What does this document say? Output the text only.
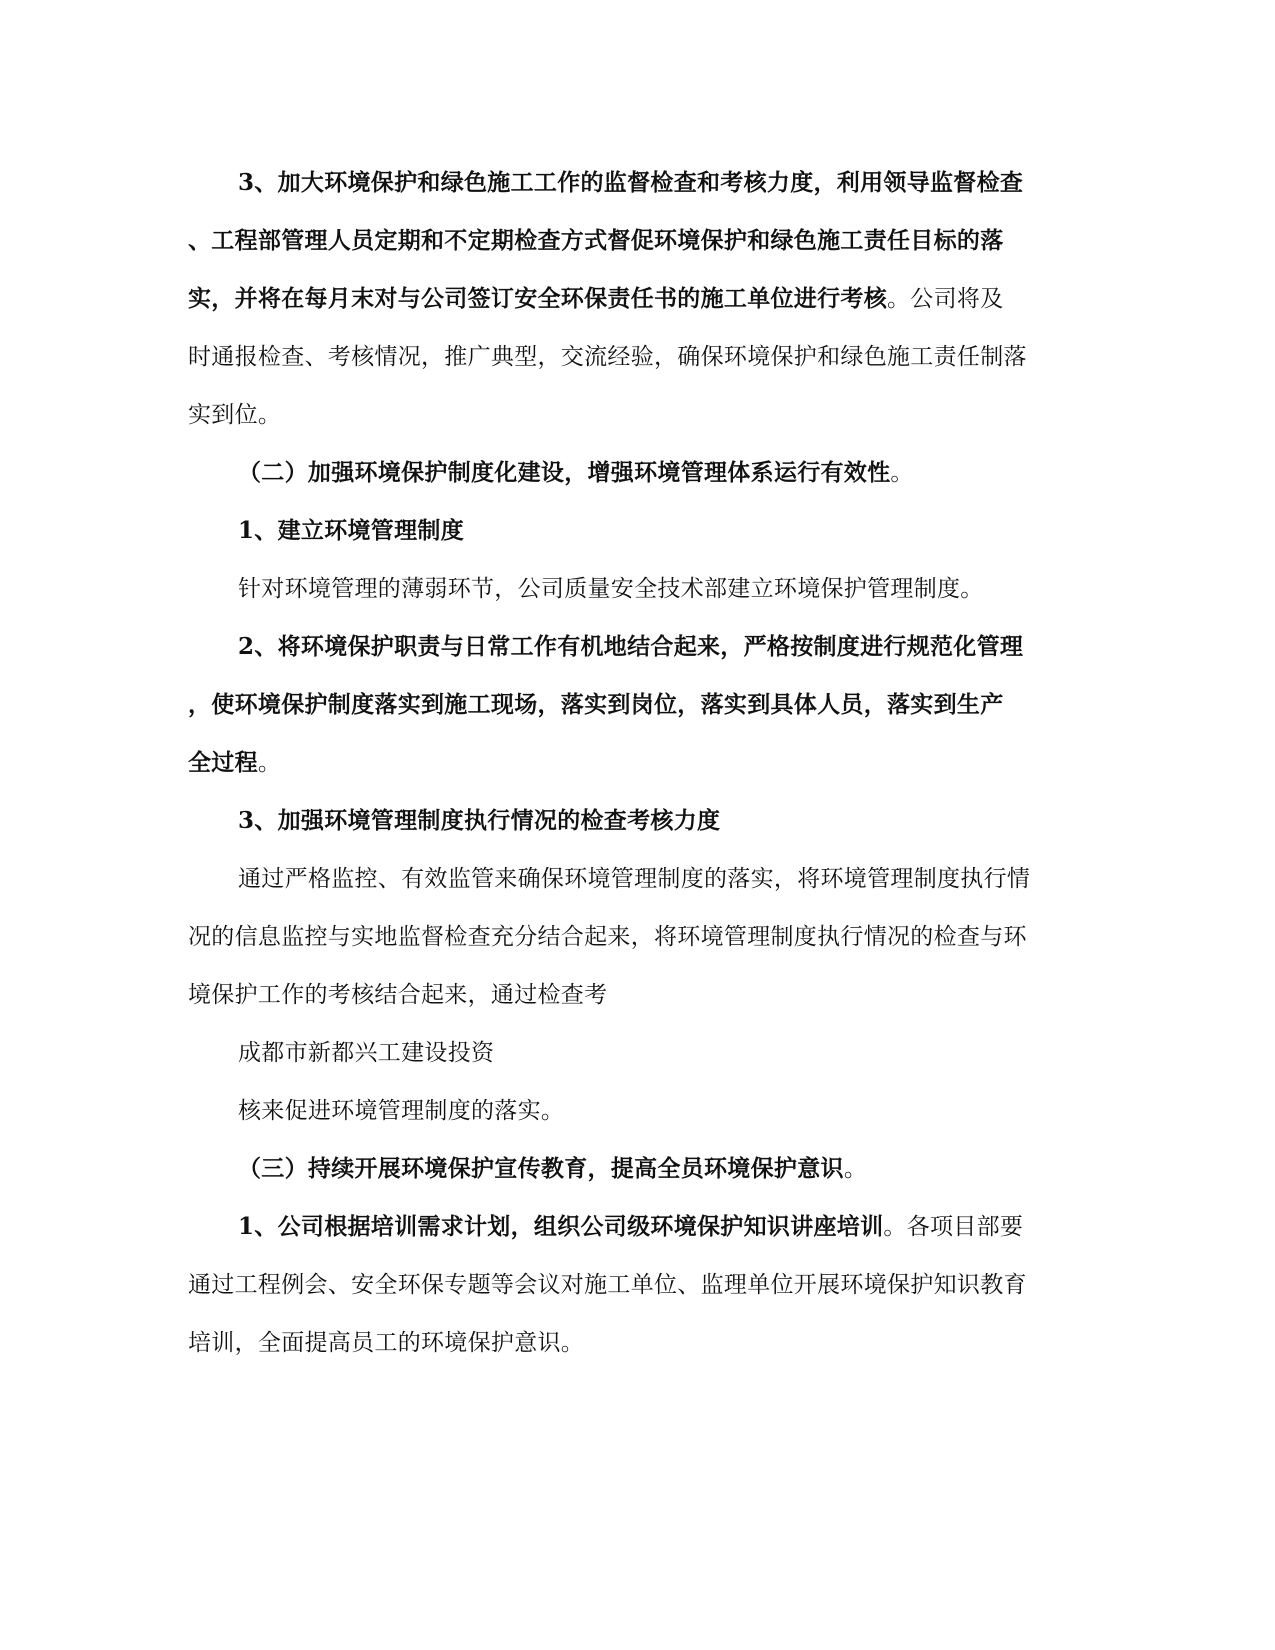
3、加大环境保护和绿色施工工作的监督检查和考核力度，利用领导监督检查
、工程部管理人员定期和不定期检查方式督促环境保护和绿色施工责任目标的落
实，并将在每月末对与公司签订安全环保责任书的施工单位进行考核。公司将及
时通报检查、考核情况，推广典型，交流经验，确保环境保护和绿色施工责任制落
实到位。
（二）加强环境保护制度化建设，增强环境管理体系运行有效性。
1、建立环境管理制度
针对环境管理的薄弱环节，公司质量安全技术部建立环境保护管理制度。
2、将环境保护职责与日常工作有机地结合起来，严格按制度进行规范化管理
，使环境保护制度落实到施工现场，落实到岗位，落实到具体人员，落实到生产
全过程。
3、加强环境管理制度执行情况的检查考核力度
通过严格监控、有效监管来确保环境管理制度的落实，将环境管理制度执行情
况的信息监控与实地监督检查充分结合起来，将环境管理制度执行情况的检查与环
境保护工作的考核结合起来，通过检查考
成都市新都兴工建设投资
核来促进环境管理制度的落实。
（三）持续开展环境保护宣传教育，提高全员环境保护意识。
1、公司根据培训需求计划，组织公司级环境保护知识讲座培训。各项目部要
通过工程例会、安全环保专题等会议对施工单位、监理单位开展环境保护知识教育
培训，全面提高员工的环境保护意识。
